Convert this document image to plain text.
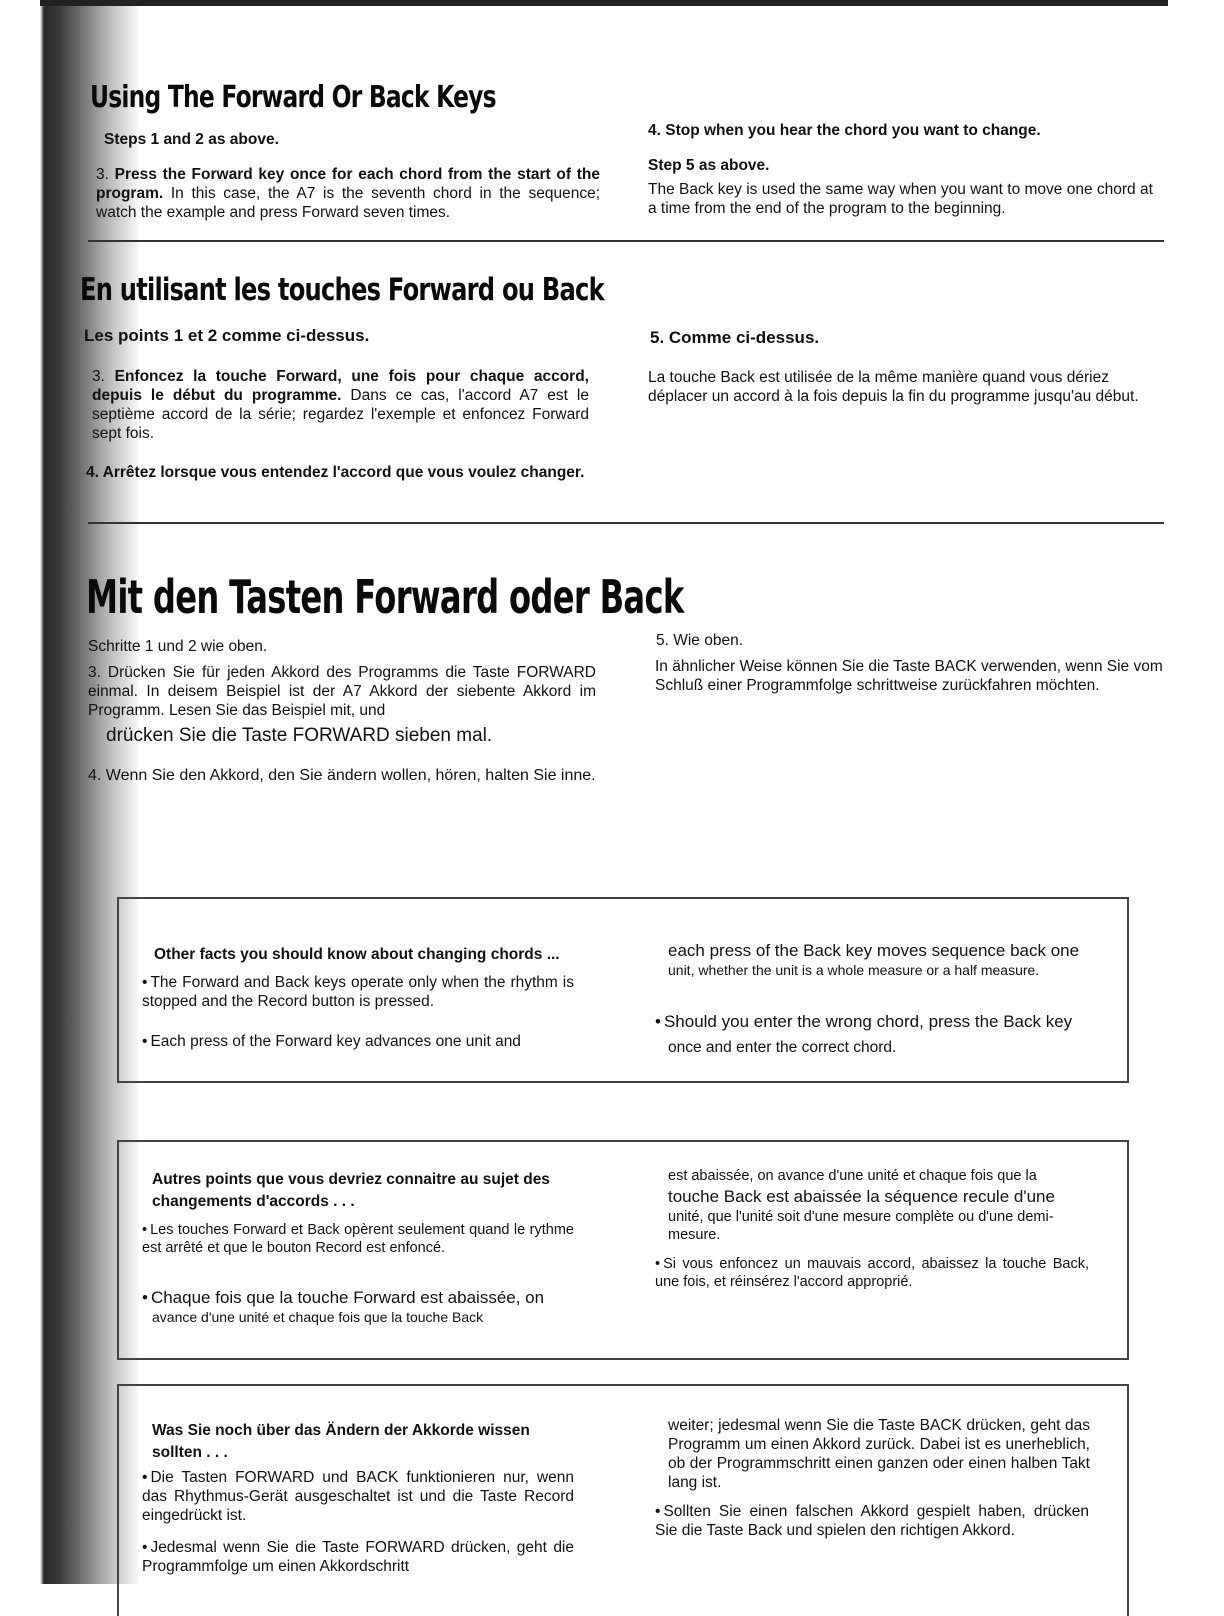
Using The Forward Or Back Keys

Steps 1 and 2 as above.

3. Press the Forward key once for each chord from the start of the program. In this case, the A7 is the seventh chord in the sequence; watch the example and press Forward seven times.

4. Stop when you hear the chord you want to change.

Step 5 as above.

The Back key is used the same way when you want to move one chord at a time from the end of the program to the beginning.

En utilisant les touches Forward ou Back

Les points 1 et 2 comme ci-dessus.

3. Enfoncez la touche Forward, une fois pour chaque accord, depuis le début du programme. Dans ce cas, l'accord A7 est le septième accord de la série; regardez l'exemple et enfoncez Forward sept fois.

4. Arrêtez lorsque vous entendez l'accord que vous voulez changer.

5. Comme ci-dessus.

La touche Back est utilisée de la même manière quand vous dériez déplacer un accord à la fois depuis la fin du programme jusqu'au début.

Mit den Tasten Forward oder Back

Schritte 1 und 2 wie oben.

3. Drücken Sie für jeden Akkord des Programms die Taste FORWARD einmal. In deisem Beispiel ist der A7 Akkord der siebente Akkord im Programm. Lesen Sie das Beispiel mit, und

drücken Sie die Taste FORWARD sieben mal.

4. Wenn Sie den Akkord, den Sie ändern wollen, hören, halten Sie inne.

5. Wie oben.

In ähnlicher Weise können Sie die Taste BACK verwenden, wenn Sie vom Schluß einer Programmfolge schrittweise zurückfahren möchten.

Other facts you should know about changing chords ...

• The Forward and Back keys operate only when the rhythm is stopped and the Record button is pressed.

• Each press of the Forward key advances one unit and

each press of the Back key moves sequence back one

unit, whether the unit is a whole measure or a half measure.

• Should you enter the wrong chord, press the Back key

once and enter the correct chord.

Autres points que vous devriez connaitre au sujet des changements d'accords . . .

• Les touches Forward et Back opèrent seulement quand le rythme est arrêté et que le bouton Record est enfoncé.

• Chaque fois que la touche Forward est abaissée, on

avance d'une unité et chaque fois que la touche Back

est abaissée, on avance d'une unité et chaque fois que la

touche Back est abaissée la séquence recule d'une

unité, que l'unité soit d'une mesure complète ou d'une demi-mesure.

• Si vous enfoncez un mauvais accord, abaissez la touche Back, une fois, et réinsérez l'accord approprié.

Was Sie noch über das Ändern der Akkorde wissen sollten . . .

• Die Tasten FORWARD und BACK funktionieren nur, wenn das Rhythmus-Gerät ausgeschaltet ist und die Taste Record eingedrückt ist.

• Jedesmal wenn Sie die Taste FORWARD drücken, geht die Programmfolge um einen Akkordschritt

weiter; jedesmal wenn Sie die Taste BACK drücken, geht das Programm um einen Akkord zurück. Dabei ist es unerheblich, ob der Programmschritt einen ganzen oder einen halben Takt lang ist.

• Sollten Sie einen falschen Akkord gespielt haben, drücken Sie die Taste Back und spielen den richtigen Akkord.
